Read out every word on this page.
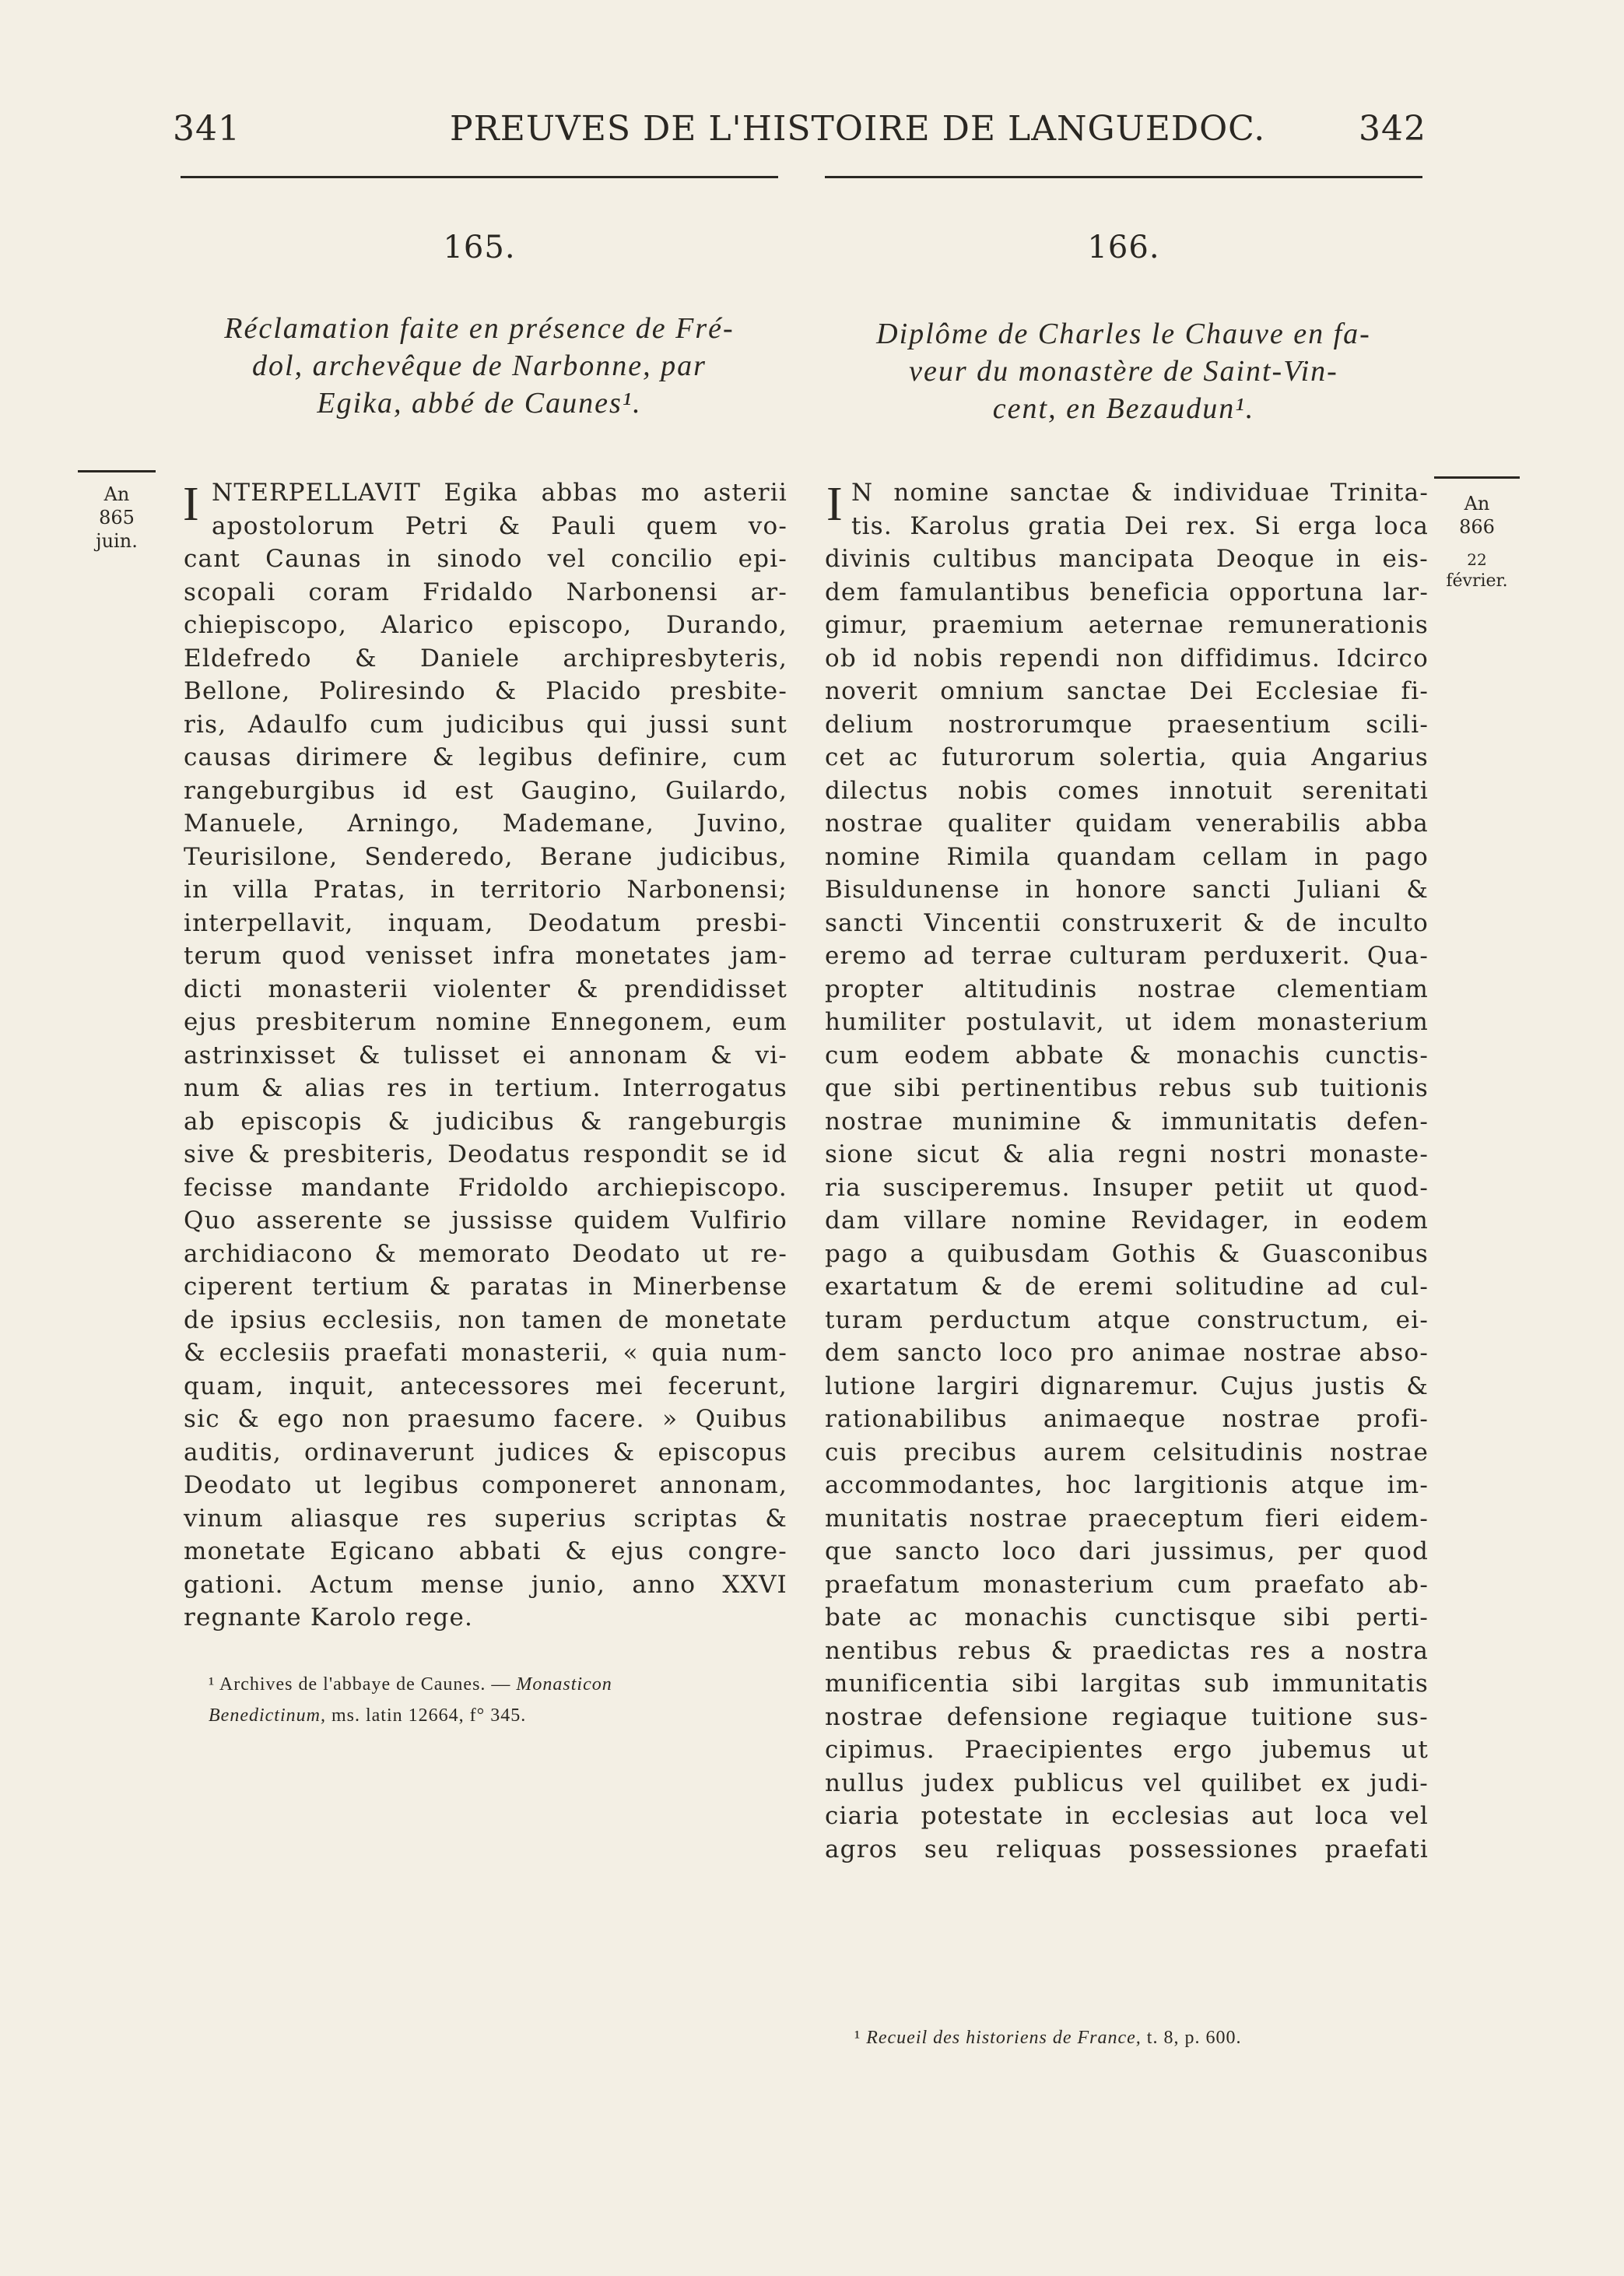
341	PREUVES DE L'HISTOIRE DE LANGUEDOC.	342
165.
Réclamation faite en présence de Fré-
dol, archevêque de Narbonne, par
Egika, abbé de Caunes¹.
I NTERPELLAVIT Egika abbas mo asterii

apostolorum Petri & Pauli quem vo-

cant Caunas in sinodo vel concilio epi-

scopali coram Fridaldo Narbonensi ar-

chiepiscopo, Alarico episcopo, Durando,

Eldefredo & Daniele archipresbyteris,

Bellone, Poliresindo & Placido presbite-

ris, Adaulfo cum judicibus qui jussi sunt

causas dirimere & legibus definire, cum

rangeburgibus id est Gaugino, Guilardo,

Manuele, Arningo, Mademane, Juvino,

Teurisilone, Senderedo, Berane judicibus,

in villa Pratas, in territorio Narbonensi;

interpellavit, inquam, Deodatum presbi-

terum quod venisset infra monetates jam-

dicti monasterii violenter & prendidisset

ejus presbiterum nomine Ennegonem, eum

astrinxisset & tulisset ei annonam & vi-

num & alias res in tertium. Interrogatus

ab episcopis & judicibus & rangeburgis

sive & presbiteris, Deodatus respondit se id

fecisse mandante Fridoldo archiepiscopo.

Quo asserente se jussisse quidem Vulfirio

archidiacono & memorato Deodato ut re-

ciperent tertium & paratas in Minerbense

de ipsius ecclesiis, non tamen de monetate

& ecclesiis praefati monasterii, « quia num-

quam, inquit, antecessores mei fecerunt,

sic & ego non praesumo facere. » Quibus

auditis, ordinaverunt judices & episcopus

Deodato ut legibus componeret annonam,

vinum aliasque res superius scriptas &

monetate Egicano abbati & ejus congre-

gationi. Actum mense junio, anno XXVI

regnante Karolo rege.

An
865
juin.
¹ Archives de l'abbaye de Caunes. — Monasticon
Benedictinum, ms. latin 12664, f° 345.
166.
Diplôme de Charles le Chauve en fa-
veur du monastère de Saint-Vin-
cent, en Bezaudun¹.
I N nomine sanctae & individuae Trinita-

tis. Karolus gratia Dei rex. Si erga loca

divinis cultibus mancipata Deoque in eis-

dem famulantibus beneficia opportuna lar-

gimur, praemium aeternae remunerationis

ob id nobis rependi non diffidimus. Idcirco

noverit omnium sanctae Dei Ecclesiae fi-

delium nostrorumque praesentium scili-

cet ac futurorum solertia, quia Angarius

dilectus nobis comes innotuit serenitati

nostrae qualiter quidam venerabilis abba

nomine Rimila quandam cellam in pago

Bisuldunense in honore sancti Juliani &

sancti Vincentii construxerit & de inculto

eremo ad terrae culturam perduxerit. Qua-

propter altitudinis nostrae clementiam

humiliter postulavit, ut idem monasterium

cum eodem abbate & monachis cunctis-

que sibi pertinentibus rebus sub tuitionis

nostrae munimine & immunitatis defen-

sione sicut & alia regni nostri monaste-

ria susciperemus. Insuper petiit ut quod-

dam villare nomine Revidager, in eodem

pago a quibusdam Gothis & Guasconibus

exartatum & de eremi solitudine ad cul-

turam perductum atque constructum, ei-

dem sancto loco pro animae nostrae abso-

lutione largiri dignaremur. Cujus justis &

rationabilibus animaeque nostrae profi-

cuis precibus aurem celsitudinis nostrae

accommodantes, hoc largitionis atque im-

munitatis nostrae praeceptum fieri eidem-

que sancto loco dari jussimus, per quod

praefatum monasterium cum praefato ab-

bate ac monachis cunctisque sibi perti-

nentibus rebus & praedictas res a nostra

munificentia sibi largitas sub immunitatis

nostrae defensione regiaque tuitione sus-

cipimus. Praecipientes ergo jubemus ut

nullus judex publicus vel quilibet ex judi-

ciaria potestate in ecclesias aut loca vel

agros seu reliquas possessiones praefati

An
866
22
février.
¹ Recueil des historiens de France, t. 8, p. 600.
